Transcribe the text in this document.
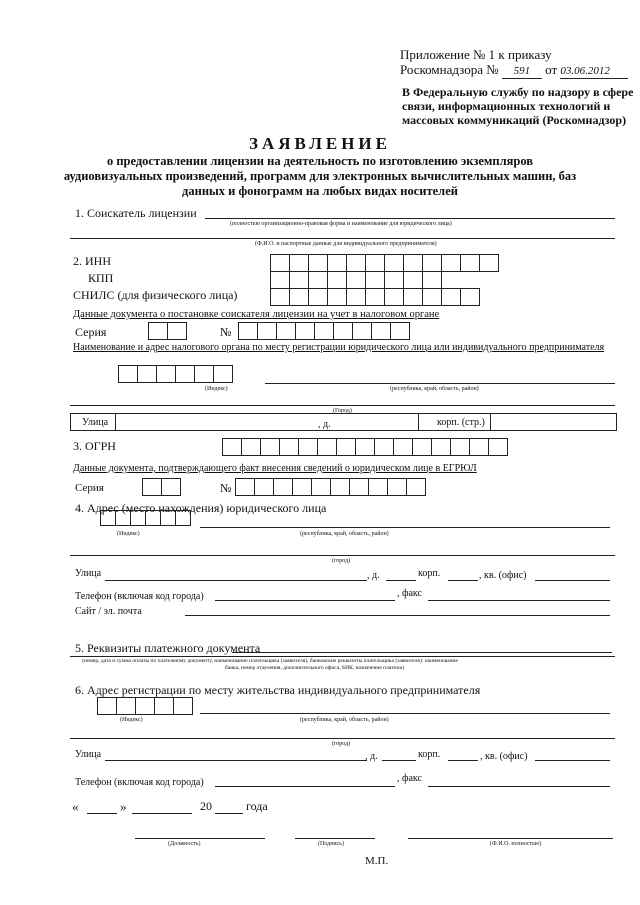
Приложение № 1 к приказу
Роскомнадзора № 591 от 03.06.2012
В Федеральную службу по надзору в сфере
связи, информационных технологий и
массовых коммуникаций (Роскомнадзор)
ЗАЯВЛЕНИЕ
о предоставлении лицензии на деятельность по изготовлению экземпляров
аудиовизуальных произведений, программ для электронных вычислительных машин, баз
данных и фонограмм на любых видах носителей
1. Соискатель лицензии
(полностью организационно-правовая форма и наименование для юридического лица)
(Ф.И.О. и паспортные данные для индивидуального предпринимателя)
2. ИНН
КПП
СНИЛС (для физического лица)
Данные документа о постановке соискателя лицензии на учет в налоговом органе
Серия	№
Наименование и адрес налогового органа по месту регистрации юридического лица или индивидуального предпринимателя
(Индекс)	(республика, край, область, район)
(Город)
Улица	, д.	корп. (стр.)
3. ОГРН
Данные документа, подтверждающего факт внесения сведений о юридическом лице в ЕГРЮЛ
Серия	№
4. Адрес (место нахождения) юридического лица
(Индекс)	(республика, край, область, район)
(город)
Улица	, д.	корп.	, кв. (офис)
Телефон (включая код города)	, факс
Сайт / эл. почта
5. Реквизиты платежного документа
(номер, дата и сумма оплаты по платежному документу, наименование плательщика (заявителя), банковские реквизиты плательщика (заявителя): наименование
банка, номер отделения, дополнительного офиса, БИК, назначение платежа)
6. Адрес регистрации по месту жительства индивидуального предпринимателя
(Индекс)	(республика, край, область, район)
(город)
Улица	, д.	корп.	, кв. (офис)
Телефон (включая код города)	, факс
«	»	20	года
(Должность)	(Подпись)	(Ф.И.О. полностью)
М.П.
